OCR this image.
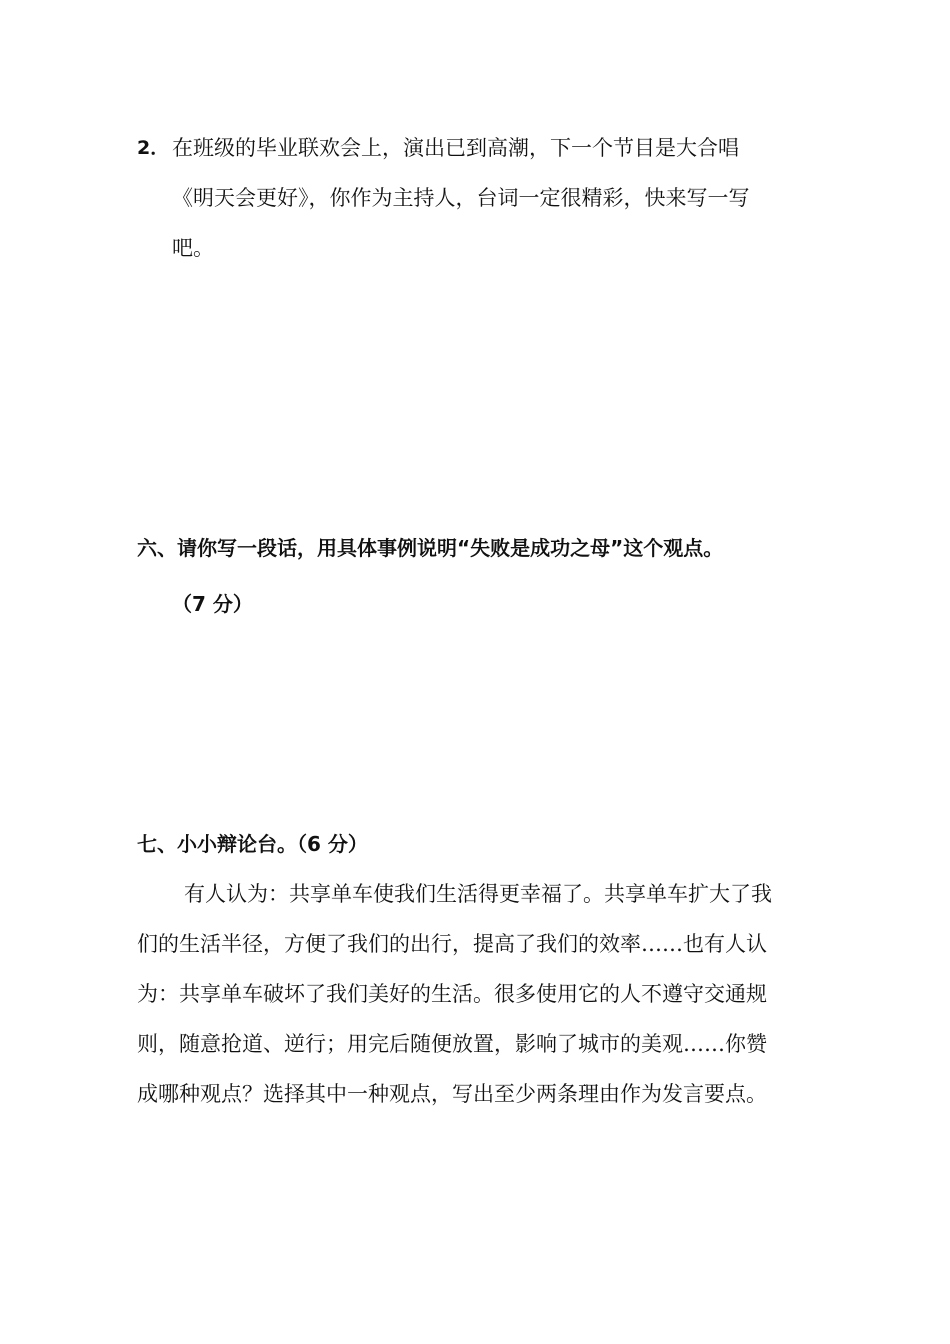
2． 在班级的毕业联欢会上，演出已到高潮，下一个节目是大合唱
《明天会更好》，你作为主持人，台词一定很精彩，快来写一写
吧。
六、请你写一段话，用具体事例说明“失败是成功之母”这个观点。
（7 分）
七、小小辩论台。（6 分）
有人认为：共享单车使我们生活得更幸福了。共享单车扩大了我
们的生活半径，方便了我们的出行，提高了我们的效率……也有人认
为：共享单车破坏了我们美好的生活。很多使用它的人不遵守交通规
则，随意抢道、逆行；用完后随便放置，影响了城市的美观……你赞
成哪种观点？选择其中一种观点，写出至少两条理由作为发言要点。
